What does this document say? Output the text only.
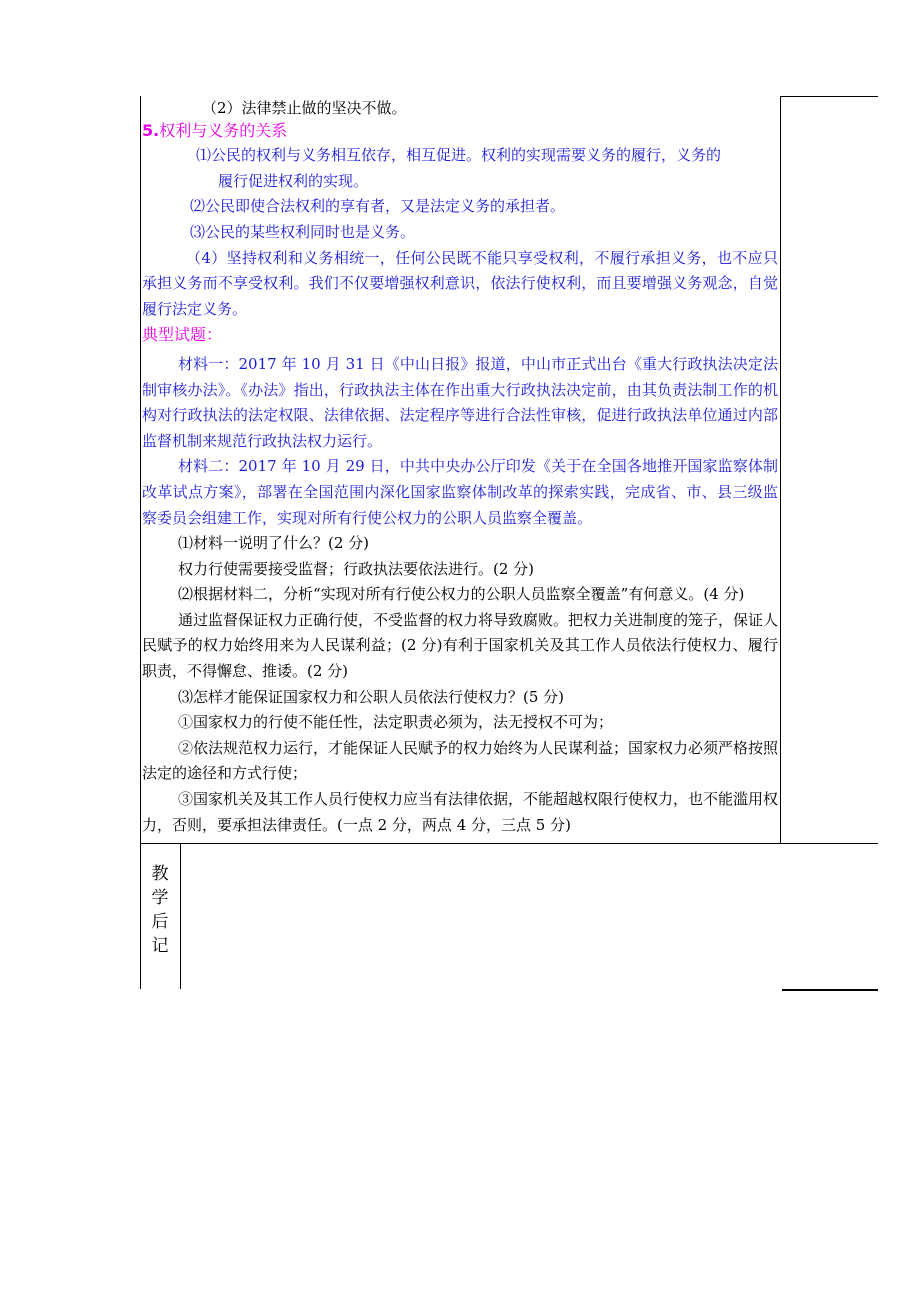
（2）法律禁止做的坚决不做。

5.权利与义务的关系

⑴公民的权利与义务相互依存，相互促进。权利的实现需要义务的履行，义务的

履行促进权利的实现。

⑵公民即使合法权利的享有者，又是法定义务的承担者。

⑶公民的某些权利同时也是义务。

（4）坚持权利和义务相统一，任何公民既不能只享受权利，不履行承担义务，也不应只承担义务而不享受权利。我们不仅要增强权利意识，依法行使权利，而且要增强义务观念，自觉履行法定义务。

典型试题：

材料一：2017 年 10 月 31 日《中山日报》报道，中山市正式出台《重大行政执法决定法制审核办法》。《办法》指出，行政执法主体在作出重大行政执法决定前，由其负责法制工作的机构对行政执法的法定权限、法律依据、法定程序等进行合法性审核，促进行政执法单位通过内部监督机制来规范行政执法权力运行。

材料二：2017 年 10 月 29 日，中共中央办公厅印发《关于在全国各地推开国家监察体制改革试点方案》，部署在全国范围内深化国家监察体制改革的探索实践，完成省、市、县三级监察委员会组建工作，实现对所有行使公权力的公职人员监察全覆盖。

⑴材料一说明了什么？(2 分)

权力行使需要接受监督；行政执法要依法进行。(2 分)

⑵根据材料二，分析“实现对所有行使公权力的公职人员监察全覆盖”有何意义。(4 分)

通过监督保证权力正确行使，不受监督的权力将导致腐败。把权力关进制度的笼子，保证人民赋予的权力始终用来为人民谋利益；(2 分)有利于国家机关及其工作人员依法行使权力、履行职责，不得懈怠、推诿。(2 分)

⑶怎样才能保证国家权力和公职人员依法行使权力？(5 分)

①国家权力的行使不能任性，法定职责必须为，法无授权不可为；

②依法规范权力运行，才能保证人民赋予的权力始终为人民谋利益；国家权力必须严格按照法定的途径和方式行使；

③国家机关及其工作人员行使权力应当有法律依据，不能超越权限行使权力，也不能滥用权力，否则，要承担法律责任。(一点 2 分，两点 4 分，三点 5 分)

教
学
后
记
